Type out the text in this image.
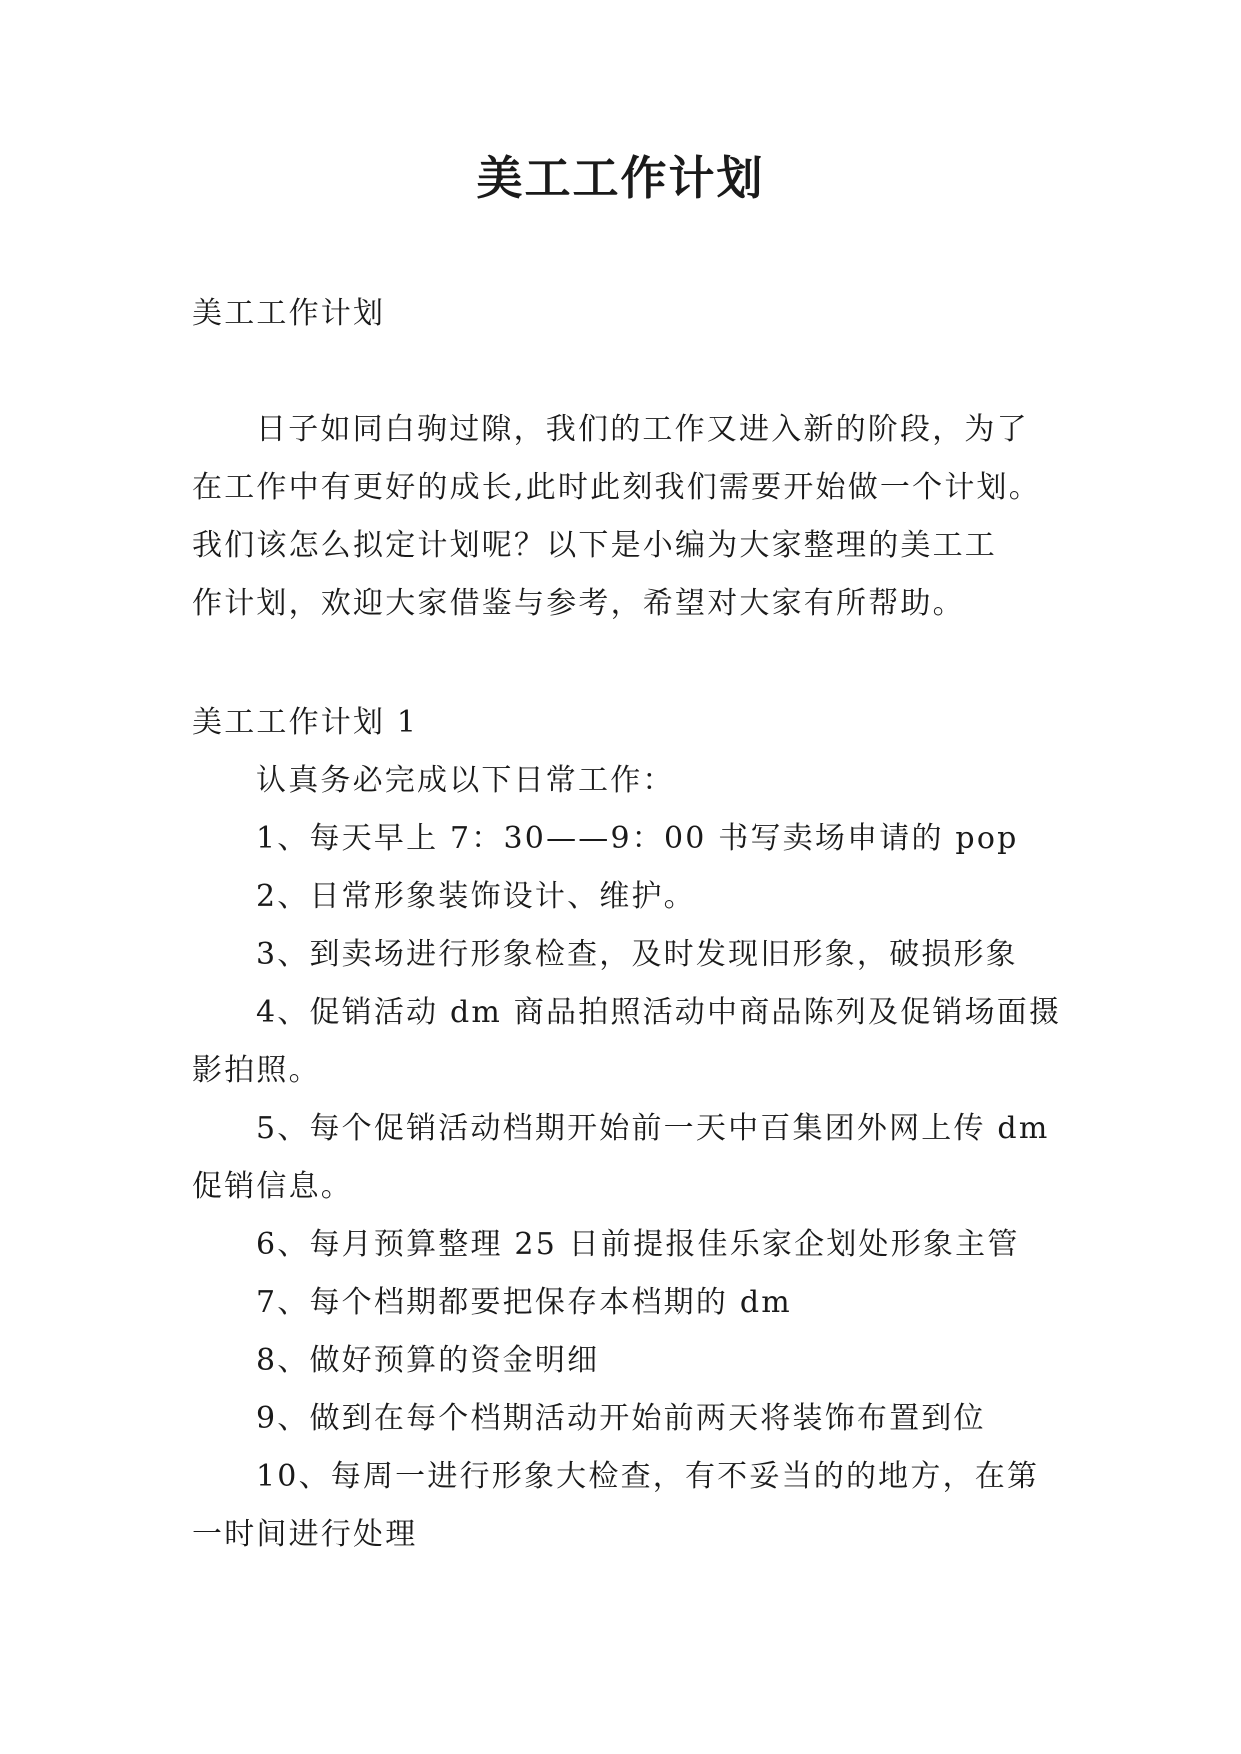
美工工作计划

美工工作计划

日子如同白驹过隙，我们的工作又进入新的阶段，为了

在工作中有更好的成长,此时此刻我们需要开始做一个计划。

我们该怎么拟定计划呢？以下是小编为大家整理的美工工

作计划，欢迎大家借鉴与参考，希望对大家有所帮助。

美工工作计划 1

认真务必完成以下日常工作：

1、每天早上 7：30——9：00 书写卖场申请的 pop

2、日常形象装饰设计、维护。

3、到卖场进行形象检查，及时发现旧形象，破损形象

4、促销活动 dm 商品拍照活动中商品陈列及促销场面摄

影拍照。

5、每个促销活动档期开始前一天中百集团外网上传 dm

促销信息。

6、每月预算整理 25 日前提报佳乐家企划处形象主管

7、每个档期都要把保存本档期的 dm

8、做好预算的资金明细

9、做到在每个档期活动开始前两天将装饰布置到位

10、每周一进行形象大检查，有不妥当的的地方，在第

一时间进行处理
